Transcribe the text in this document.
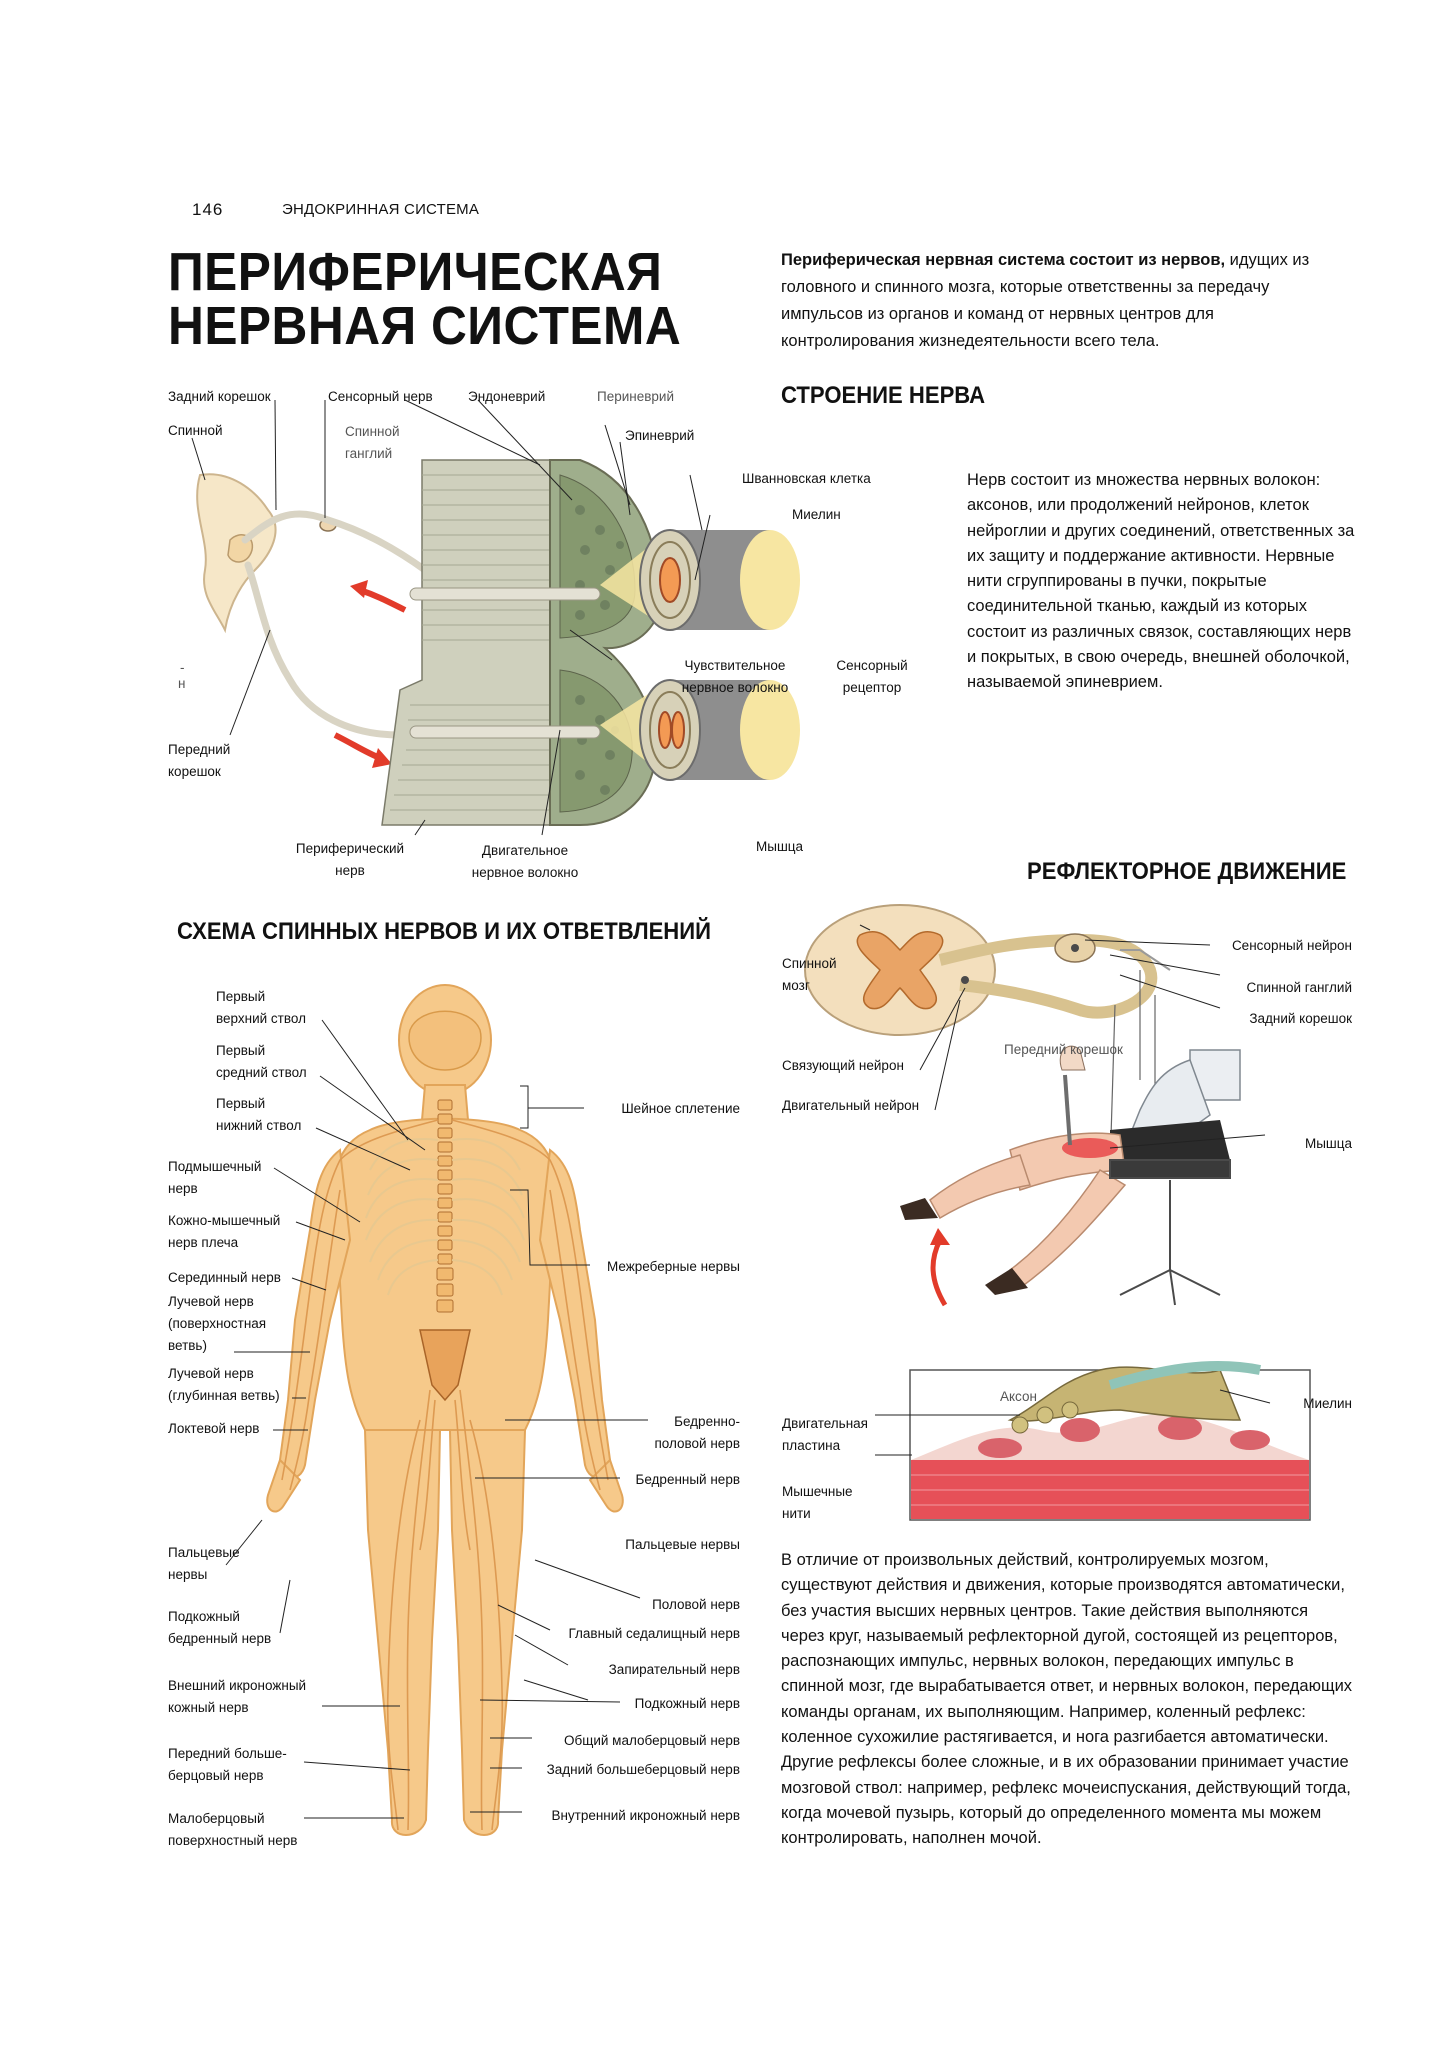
146	ЭНДОКРИННАЯ СИСТЕМА
ПЕРИФЕРИЧЕСКАЯ
НЕРВНАЯ СИСТЕМА
Периферическая нервная система состоит из нервов, идущих из головного и спинного мозга, которые ответственны за передачу импульсов из органов и команд от нервных центров для контролирования жизнедеятельности всего тела.
Задний корешок	Сенсорный нерв	Эндоневрий	Периневрий
Спинной	Спинной
ганглий
Эпиневрий
Шванновская клетка
Миелин
-
н
Чувствительное
нервное волокно
Сенсорный
рецептор
Передний
корешок
Периферический
нерв
Двигательное
нервное волокно
Мышца
СТРОЕНИЕ НЕРВА
Нерв состоит из множества нервных волокон: аксонов, или продолжений нейронов, клеток нейроглии и других соединений, ответственных за их защиту и поддержание активности. Нервные нити сгруппированы в пучки, покрытые соединительной тканью, каждый из которых состоит из различных связок, составляющих нерв и покрытых, в свою очередь, внешней оболочкой, называемой эпиневрием.
СХЕМА СПИННЫХ НЕРВОВ И ИХ ОТВЕТВЛЕНИЙ
Первый
верхний ствол
Первый
средний ствол
Первый
нижний ствол
Подмышечный
нерв
Кожно-мышечный
нерв плеча
Серединный нерв
Лучевой нерв
(поверхностная
ветвь)
Лучевой нерв
(глубинная ветвь)
Локтевой нерв
Пальцевые
нервы
Подкожный
бедренный нерв
Внешний икроножный
кожный нерв
Передний больше-
берцовый нерв
Малоберцовый
поверхностный нерв
Шейное сплетение
Межреберные нервы
Бедренно-
половой нерв
Бедренный нерв
Пальцевые нервы
Половой нерв
Главный седалищный нерв
Запирательный нерв
Подкожный нерв
Общий малоберцовый нерв
Задний большеберцовый нерв
Внутренний икроножный нерв
РЕФЛЕКТОРНОЕ ДВИЖЕНИЕ
Спинной
мозг
Сенсорный нейрон
Спинной ганглий
Задний корешок
Передний корешок
Связующий нейрон
Двигательный нейрон
Мышца
Аксон	Миелин
Двигательная
пластина
Мышечные
нити
В отличие от произвольных действий, контролируемых мозгом, существуют действия и движения, которые производятся автоматически, без участия высших нервных центров. Такие действия выполняются через круг, называемый рефлекторной дугой, состоящей из рецепторов, распознающих импульс, нервных волокон, передающих импульс в спинной мозг, где вырабатывается ответ, и нервных волокон, передающих команды органам, их выполняющим. Например, коленный рефлекс: коленное сухожилие растягивается, и нога разгибается автоматически. Другие рефлексы более сложные, и в их образовании принимает участие мозговой ствол: например, рефлекс мочеиспускания, действующий тогда, когда мочевой пузырь, который до определенного момента мы можем контролировать, наполнен мочой.
